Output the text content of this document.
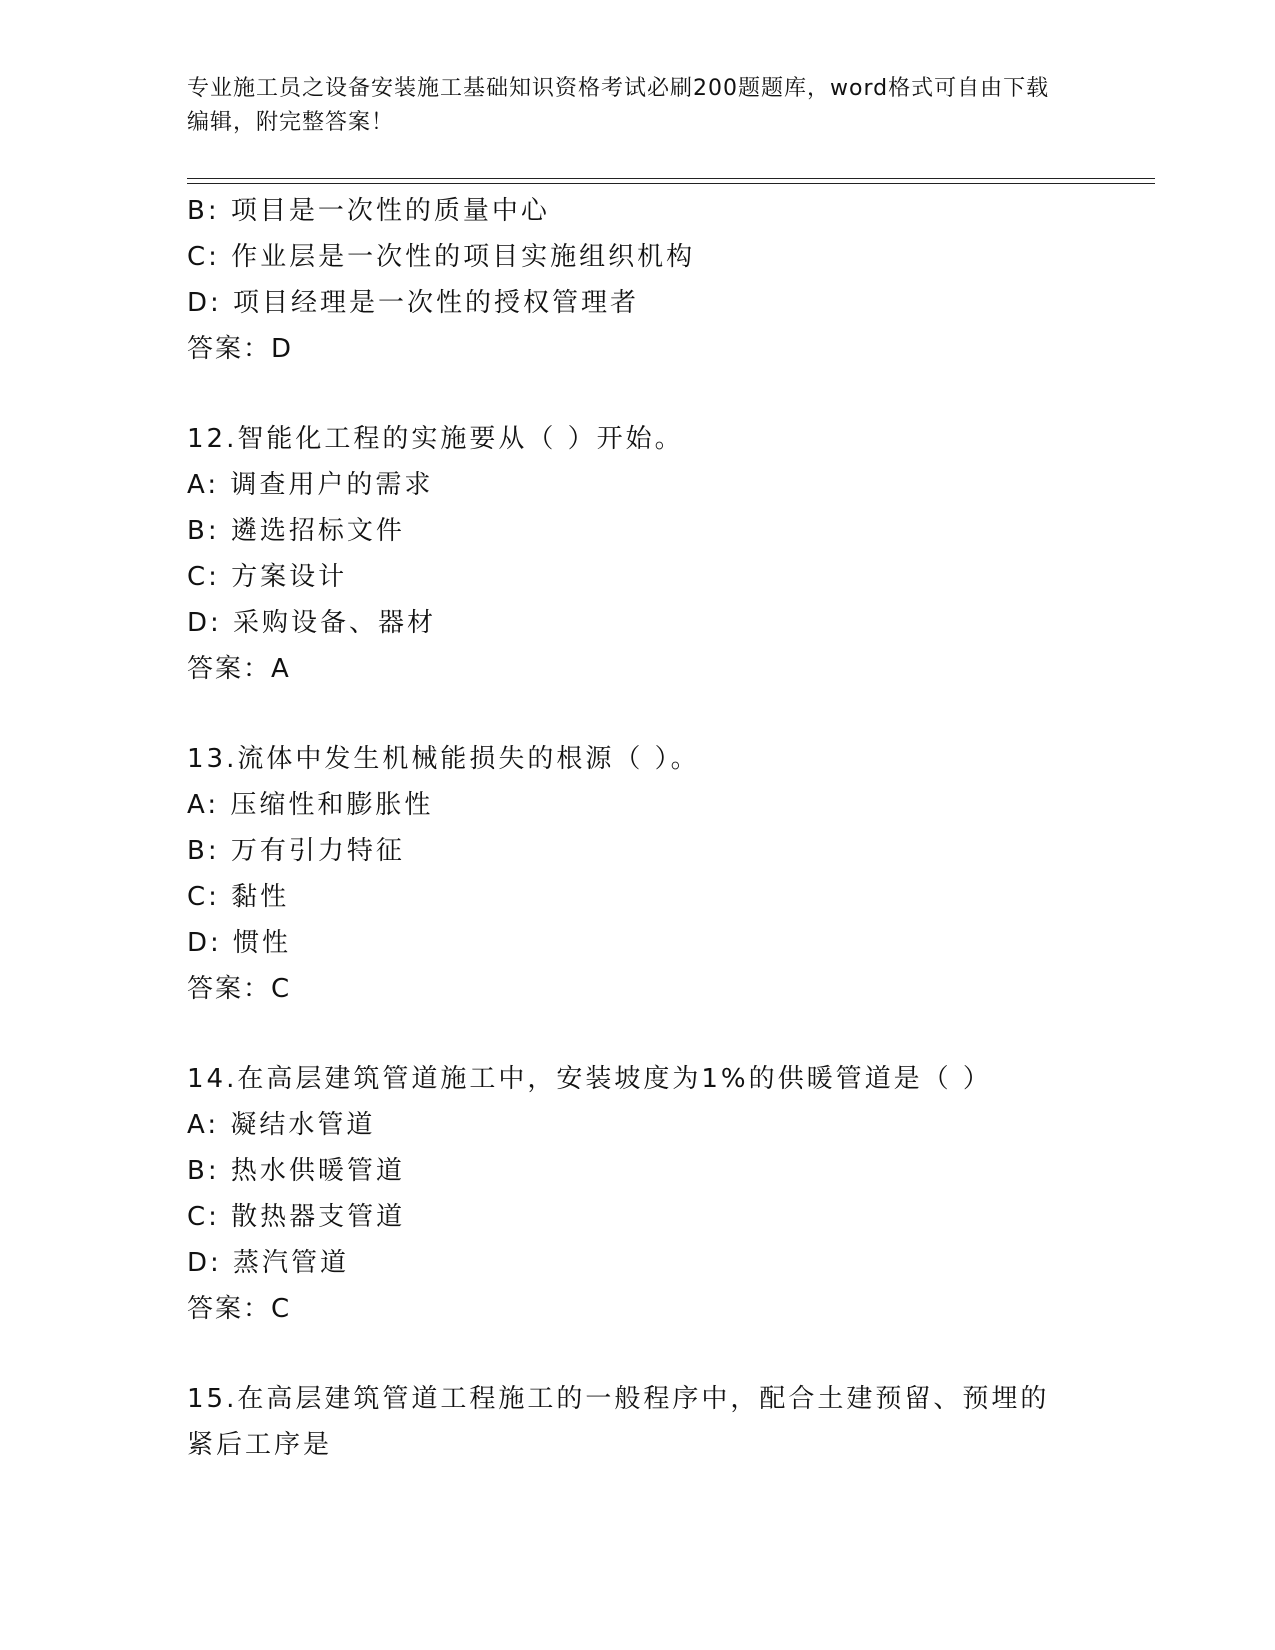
专业施工员之设备安装施工基础知识资格考试必刷200题题库，word格式可自由下载编辑，附完整答案！
B: 项目是一次性的质量中心
C: 作业层是一次性的项目实施组织机构
D: 项目经理是一次性的授权管理者
答案：D
12.智能化工程的实施要从（ ）开始。
A: 调查用户的需求
B: 遴选招标文件
C: 方案设计
D: 采购设备、器材
答案：A
13.流体中发生机械能损失的根源（ ）。
A: 压缩性和膨胀性
B: 万有引力特征
C: 黏性
D: 惯性
答案：C
14.在高层建筑管道施工中，安装坡度为1%的供暖管道是（ ）
A: 凝结水管道
B: 热水供暖管道
C: 散热器支管道
D: 蒸汽管道
答案：C
15.在高层建筑管道工程施工的一般程序中，配合土建预留、预埋的紧后工序是
